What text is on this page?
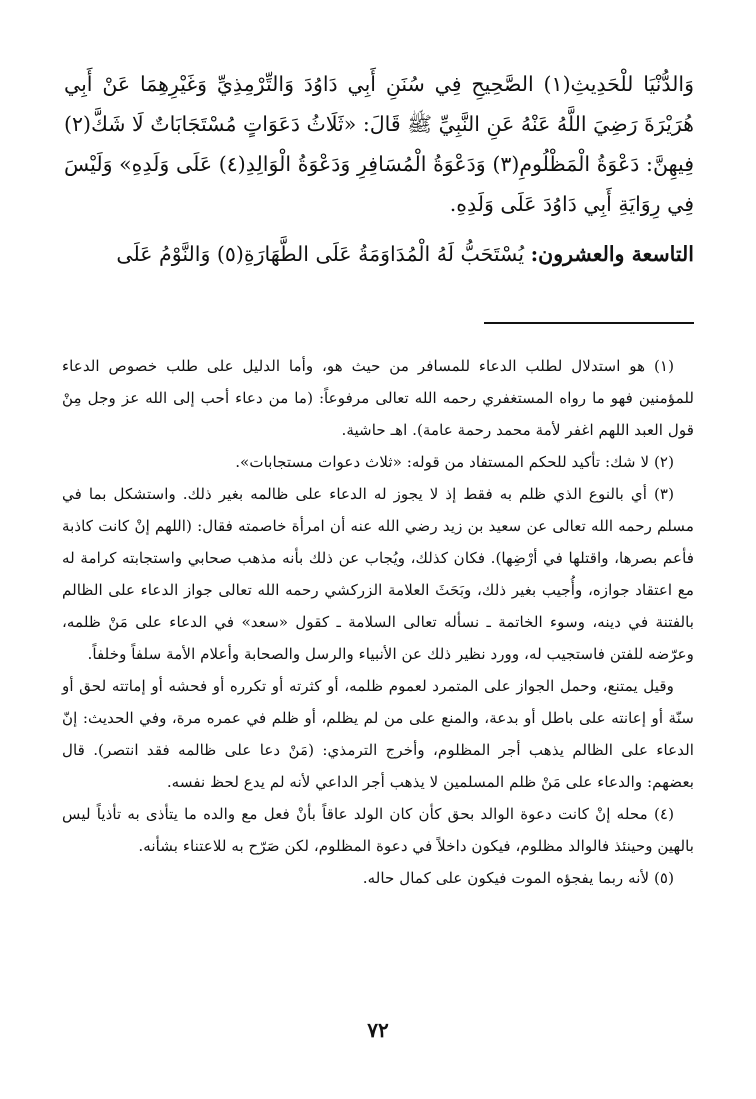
وَالدُّنْيَا للْحَدِيثِ(١) الصَّحِيحِ فِي سُنَنِ أَبِي دَاوُدَ وَالتِّرْمِذِيِّ وَغَيْرِهِمَا عَنْ أَبِي هُرَيْرَةَ رَضِيَ اللَّهُ عَنْهُ عَنِ النَّبِيِّ ﷺ قَالَ: «ثَلَاثُ دَعَوَاتٍ مُسْتَجَابَاتٌ لَا شَكَّ(٢) فِيهِنَّ: دَعْوَةُ الْمَظْلُومِ(٣) وَدَعْوَةُ الْمُسَافِرِ وَدَعْوَةُ الْوَالِدِ(٤) عَلَى وَلَدِهِ» وَلَيْسَ فِي رِوَايَةِ أَبِي دَاوُدَ عَلَى وَلَدِهِ.

التاسعة والعشرون: يُسْتَحَبُّ لَهُ الْمُدَاوَمَةُ عَلَى الطَّهَارَةِ(٥) وَالنَّوْمُ عَلَى

(١) هو استدلال لطلب الدعاء للمسافر من حيث هو، وأما الدليل على طلب خصوص الدعاء للمؤمنين فهو ما رواه المستغفري رحمه الله تعالى مرفوعاً: (ما من دعاء أحب إلى الله عز وجل مِنْ قول العبد اللهم اغفر لأمة محمد رحمة عامة). اهـ حاشية.

(٢) لا شك: تأكيد للحكم المستفاد من قوله: «ثلاث دعوات مستجابات».

(٣) أي بالنوع الذي ظلم به فقط إذ لا يجوز له الدعاء على ظالمه بغير ذلك. واستشكل بما في مسلم رحمه الله تعالى عن سعيد بن زيد رضي الله عنه أن امرأة خاصمته فقال: (اللهم إنْ كانت كاذبة فأعم بصرها، واقتلها في أرْضِها). فكان كذلك، ويُجاب عن ذلك بأنه مذهب صحابي واستجابته كرامة له مع اعتقاد جوازه، وأُجيب بغير ذلك، وبَحَثَ العلامة الزركشي رحمه الله تعالى جواز الدعاء على الظالم بالفتنة في دينه، وسوء الخاتمة ـ نسأله تعالى السلامة ـ كقول «سعد» في الدعاء على مَنْ ظلمه، وعرّضه للفتن فاستجيب له، وورد نظير ذلك عن الأنبياء والرسل والصحابة وأعلام الأمة سلفاً وخلفاً.

وقيل يمتنع، وحمل الجواز على المتمرد لعموم ظلمه، أو كثرته أو تكرره أو فحشه أو إماتته لحق أو سنّة أو إعانته على باطل أو بدعة، والمنع على من لم يظلم، أو ظلم في عمره مرة، وفي الحديث: إنّ الدعاء على الظالم يذهب أجر المظلوم، وأخرج الترمذي: (مَنْ دعا على ظالمه فقد انتصر). قال بعضهم: والدعاء على مَنْ ظلم المسلمين لا يذهب أجر الداعي لأنه لم يدع لحظ نفسه.

(٤) محله إنْ كانت دعوة الوالد بحق كأن كان الولد عاقاً بأنْ فعل مع والده ما يتأذى به تأذياً ليس بالهين وحينئذ فالوالد مظلوم، فيكون داخلاً في دعوة المظلوم، لكن صَرّح به للاعتناء بشأنه.

(٥) لأنه ربما يفجؤه الموت فيكون على كمال حاله.

٧٢
